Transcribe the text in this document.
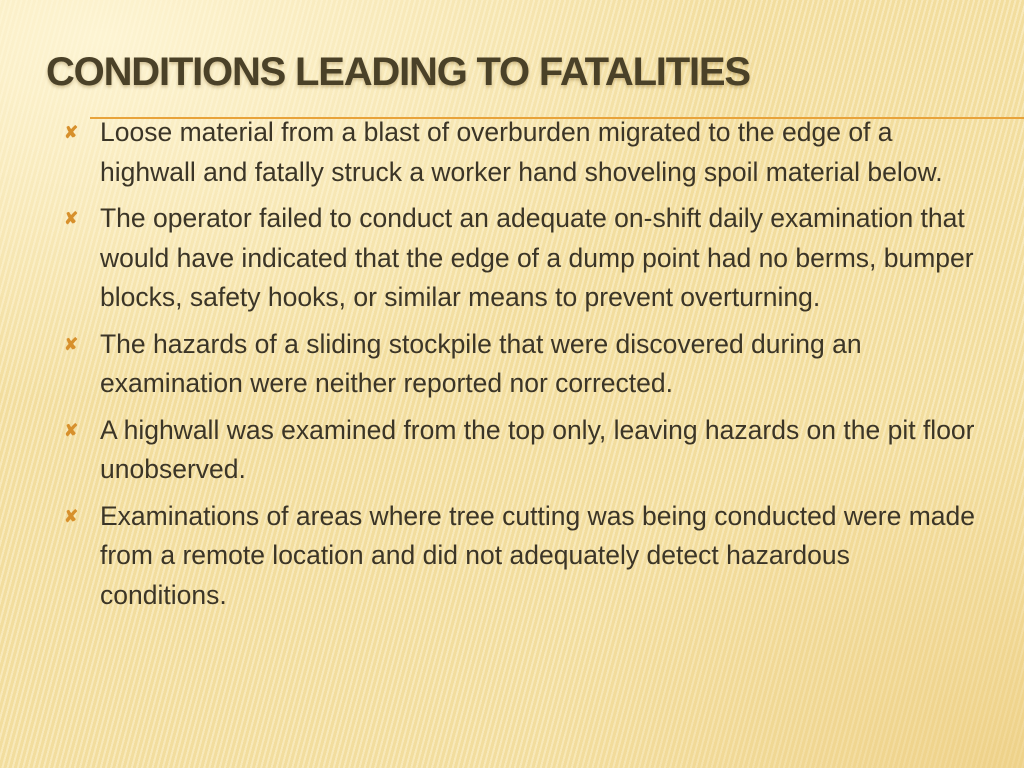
CONDITIONS LEADING TO FATALITIES
✘ Loose material from a blast of overburden migrated to the edge of a highwall and fatally struck a worker hand shoveling spoil material below.
✘ The operator failed to conduct an adequate on-shift daily examination that would have indicated that the edge of a dump point had no berms, bumper blocks, safety hooks, or similar means to prevent overturning.
✘ The hazards of a sliding stockpile that were discovered during an examination were neither reported nor corrected.
✘ A highwall was examined from the top only, leaving hazards on the pit floor unobserved.
✘ Examinations of areas where tree cutting was being conducted were made from a remote location and did not adequately detect hazardous conditions.
